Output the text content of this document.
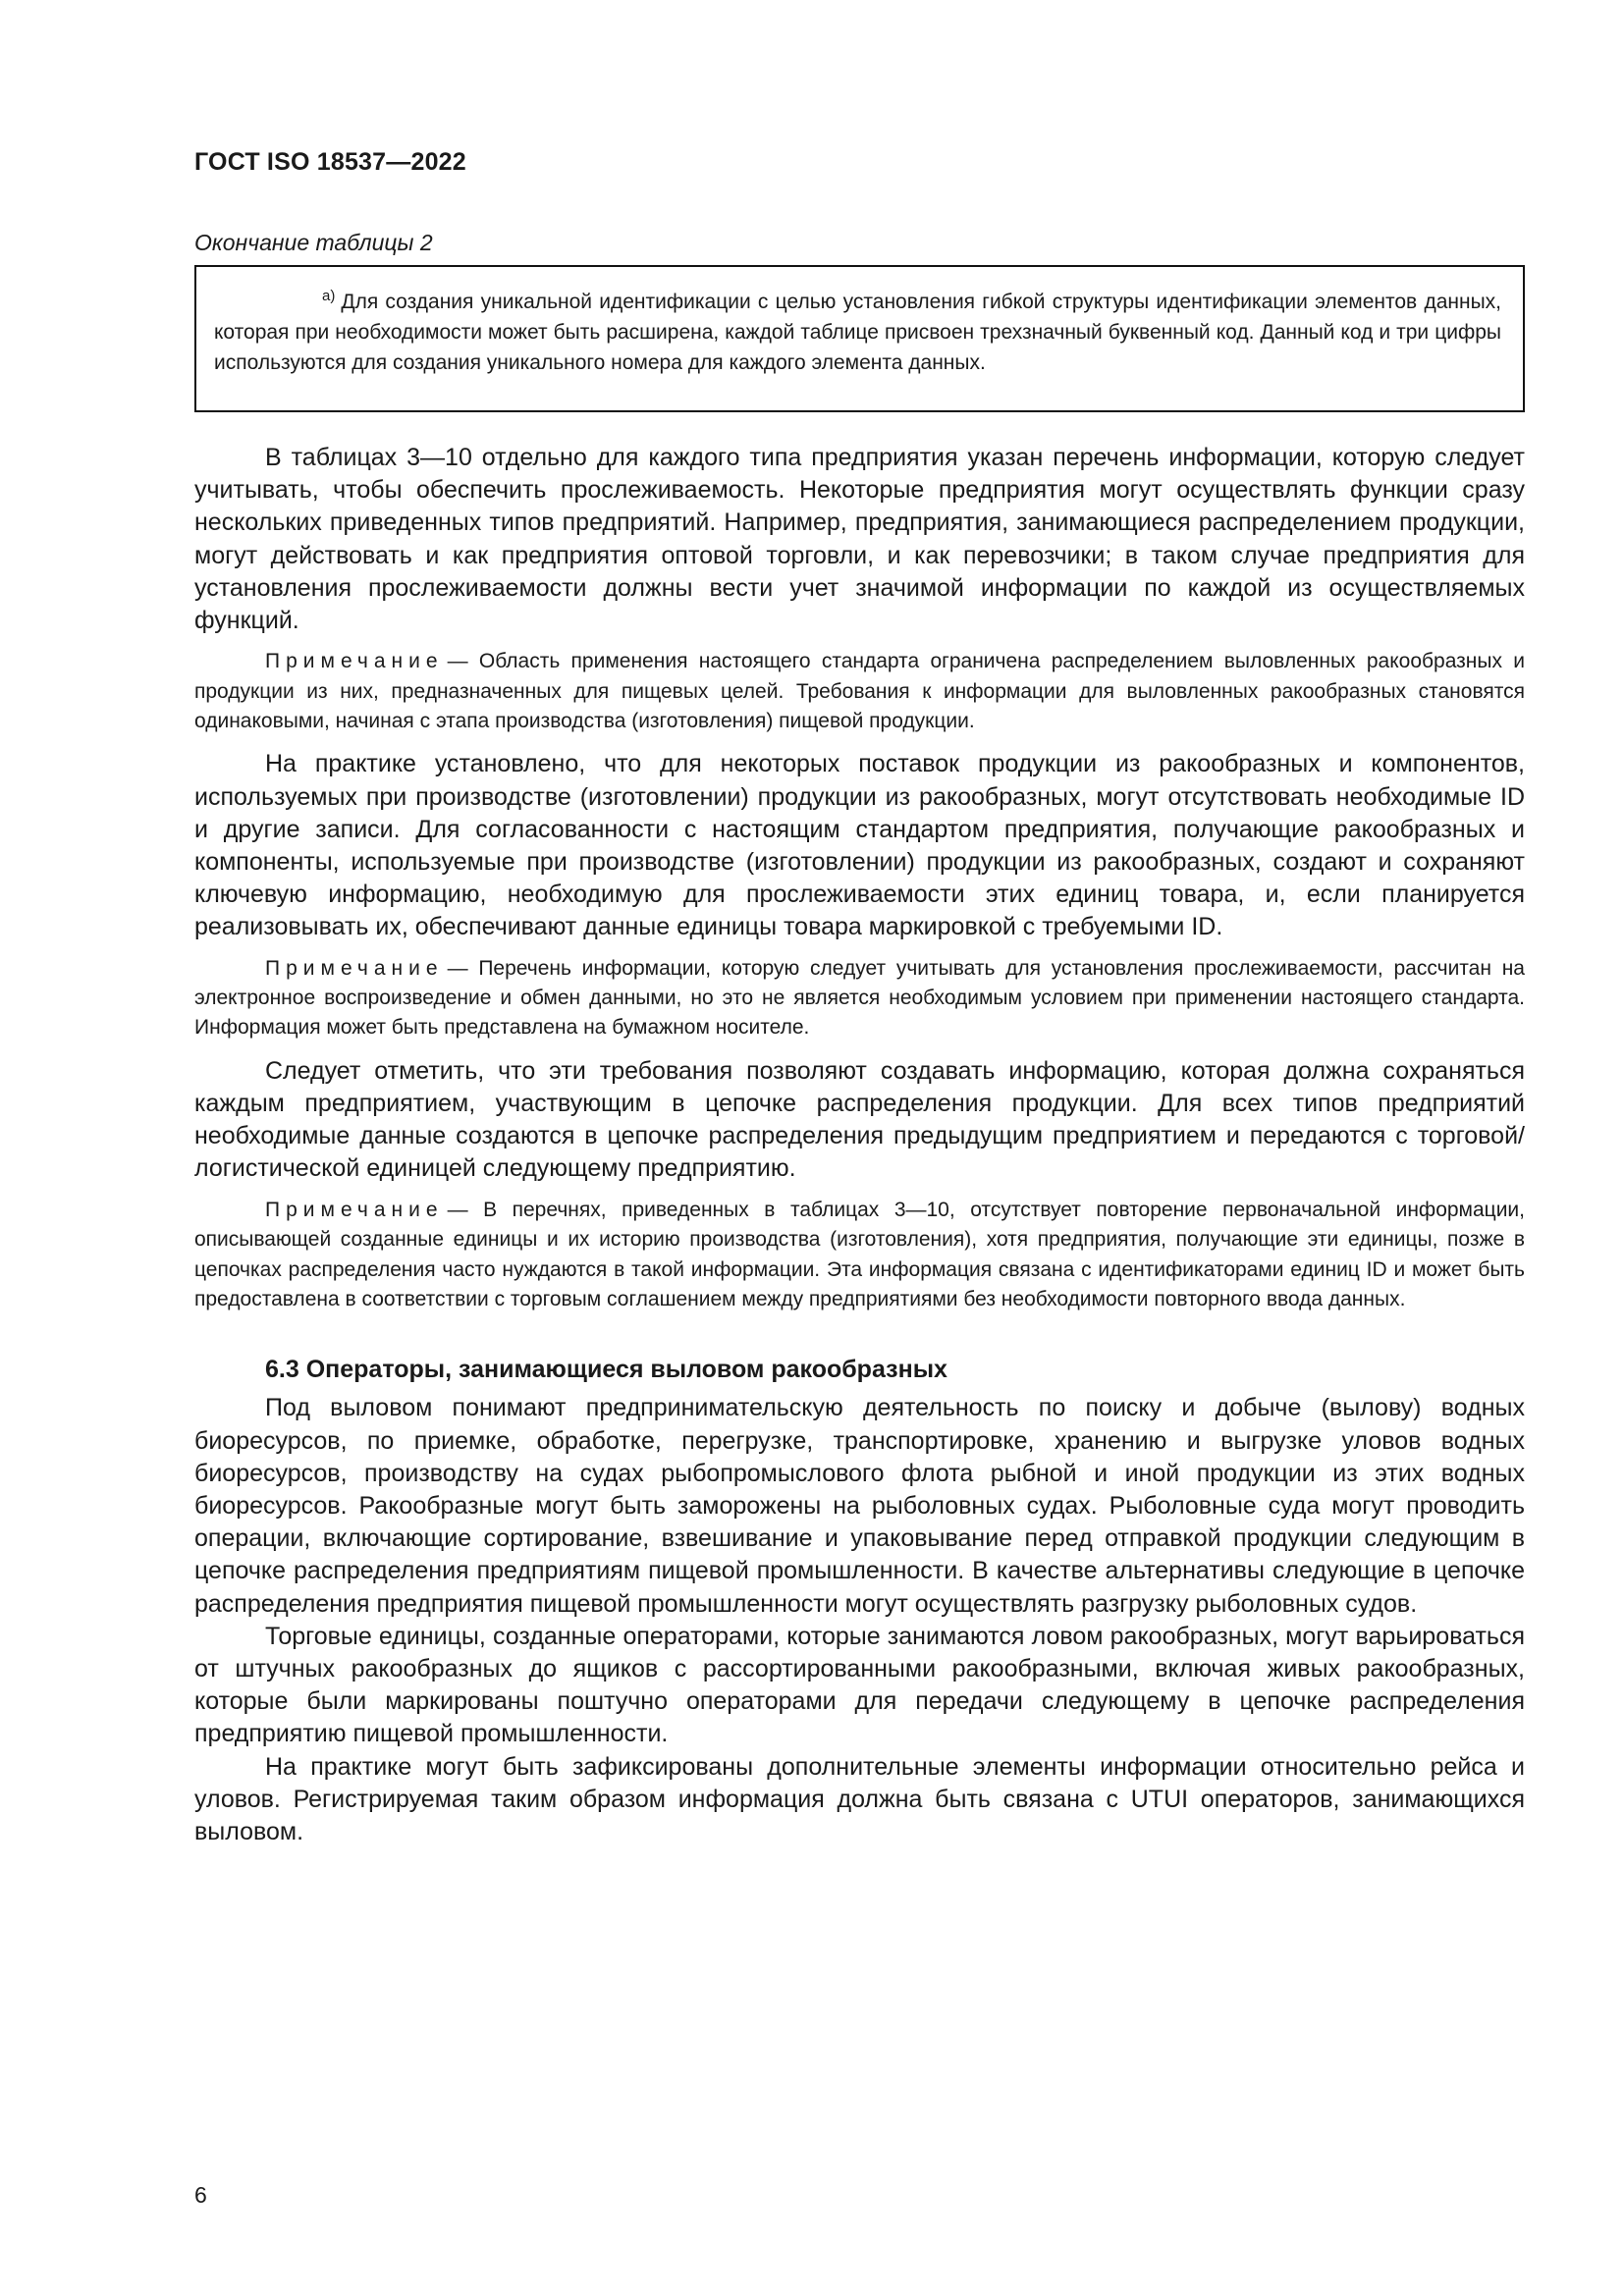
ГОСТ ISO 18537—2022
Окончание таблицы 2
$^{a)}$ Для создания уникальной идентификации с целью установления гибкой структуры идентификации элементов данных, которая при необходимости может быть расширена, каждой таблице присвоен трехзначный буквенный код. Данный код и три цифры используются для создания уникального номера для каждого элемента данных.

В таблицах 3—10 отдельно для каждого типа предприятия указан перечень информации, которую следует учитывать, чтобы обеспечить прослеживаемость. Некоторые предприятия могут осуществлять функции сразу нескольких приведенных типов предприятий. Например, предприятия, занимающиеся распределением продукции, могут действовать и как предприятия оптовой торговли, и как перевозчики; в таком случае предприятия для установления прослеживаемости должны вести учет значимой информации по каждой из осуществляемых функций.

Примечание — Область применения настоящего стандарта ограничена распределением выловленных ракообразных и продукции из них, предназначенных для пищевых целей. Требования к информации для выловленных ракообразных становятся одинаковыми, начиная с этапа производства (изготовления) пищевой продукции.

На практике установлено, что для некоторых поставок продукции из ракообразных и компонентов, используемых при производстве (изготовлении) продукции из ракообразных, могут отсутствовать необходимые ID и другие записи. Для согласованности с настоящим стандартом предприятия, получающие ракообразных и компоненты, используемые при производстве (изготовлении) продукции из ракообразных, создают и сохраняют ключевую информацию, необходимую для прослеживаемости этих единиц товара, и, если планируется реализовывать их, обеспечивают данные единицы товара маркировкой с требуемыми ID.

Примечание — Перечень информации, которую следует учитывать для установления прослеживаемости, рассчитан на электронное воспроизведение и обмен данными, но это не является необходимым условием при применении настоящего стандарта. Информация может быть представлена на бумажном носителе.

Следует отметить, что эти требования позволяют создавать информацию, которая должна сохраняться каждым предприятием, участвующим в цепочке распределения продукции. Для всех типов предприятий необходимые данные создаются в цепочке распределения предыдущим предприятием и передаются с торговой/логистической единицей следующему предприятию.

Примечание — В перечнях, приведенных в таблицах 3—10, отсутствует повторение первоначальной информации, описывающей созданные единицы и их историю производства (изготовления), хотя предприятия, получающие эти единицы, позже в цепочках распределения часто нуждаются в такой информации. Эта информация связана с идентификаторами единиц ID и может быть предоставлена в соответствии с торговым соглашением между предприятиями без необходимости повторного ввода данных.

6.3 Операторы, занимающиеся выловом ракообразных

Под выловом понимают предпринимательскую деятельность по поиску и добыче (вылову) водных биоресурсов, по приемке, обработке, перегрузке, транспортировке, хранению и выгрузке уловов водных биоресурсов, производству на судах рыбопромыслового флота рыбной и иной продукции из этих водных биоресурсов. Ракообразные могут быть заморожены на рыболовных судах. Рыболовные суда могут проводить операции, включающие сортирование, взвешивание и упаковывание перед отправкой продукции следующим в цепочке распределения предприятиям пищевой промышленности. В качестве альтернативы следующие в цепочке распределения предприятия пищевой промышленности могут осуществлять разгрузку рыболовных судов.

Торговые единицы, созданные операторами, которые занимаются ловом ракообразных, могут варьироваться от штучных ракообразных до ящиков с рассортированными ракообразными, включая живых ракообразных, которые были маркированы поштучно операторами для передачи следующему в цепочке распределения предприятию пищевой промышленности.

На практике могут быть зафиксированы дополнительные элементы информации относительно рейса и уловов. Регистрируемая таким образом информация должна быть связана с UTUI операторов, занимающихся выловом.

6
